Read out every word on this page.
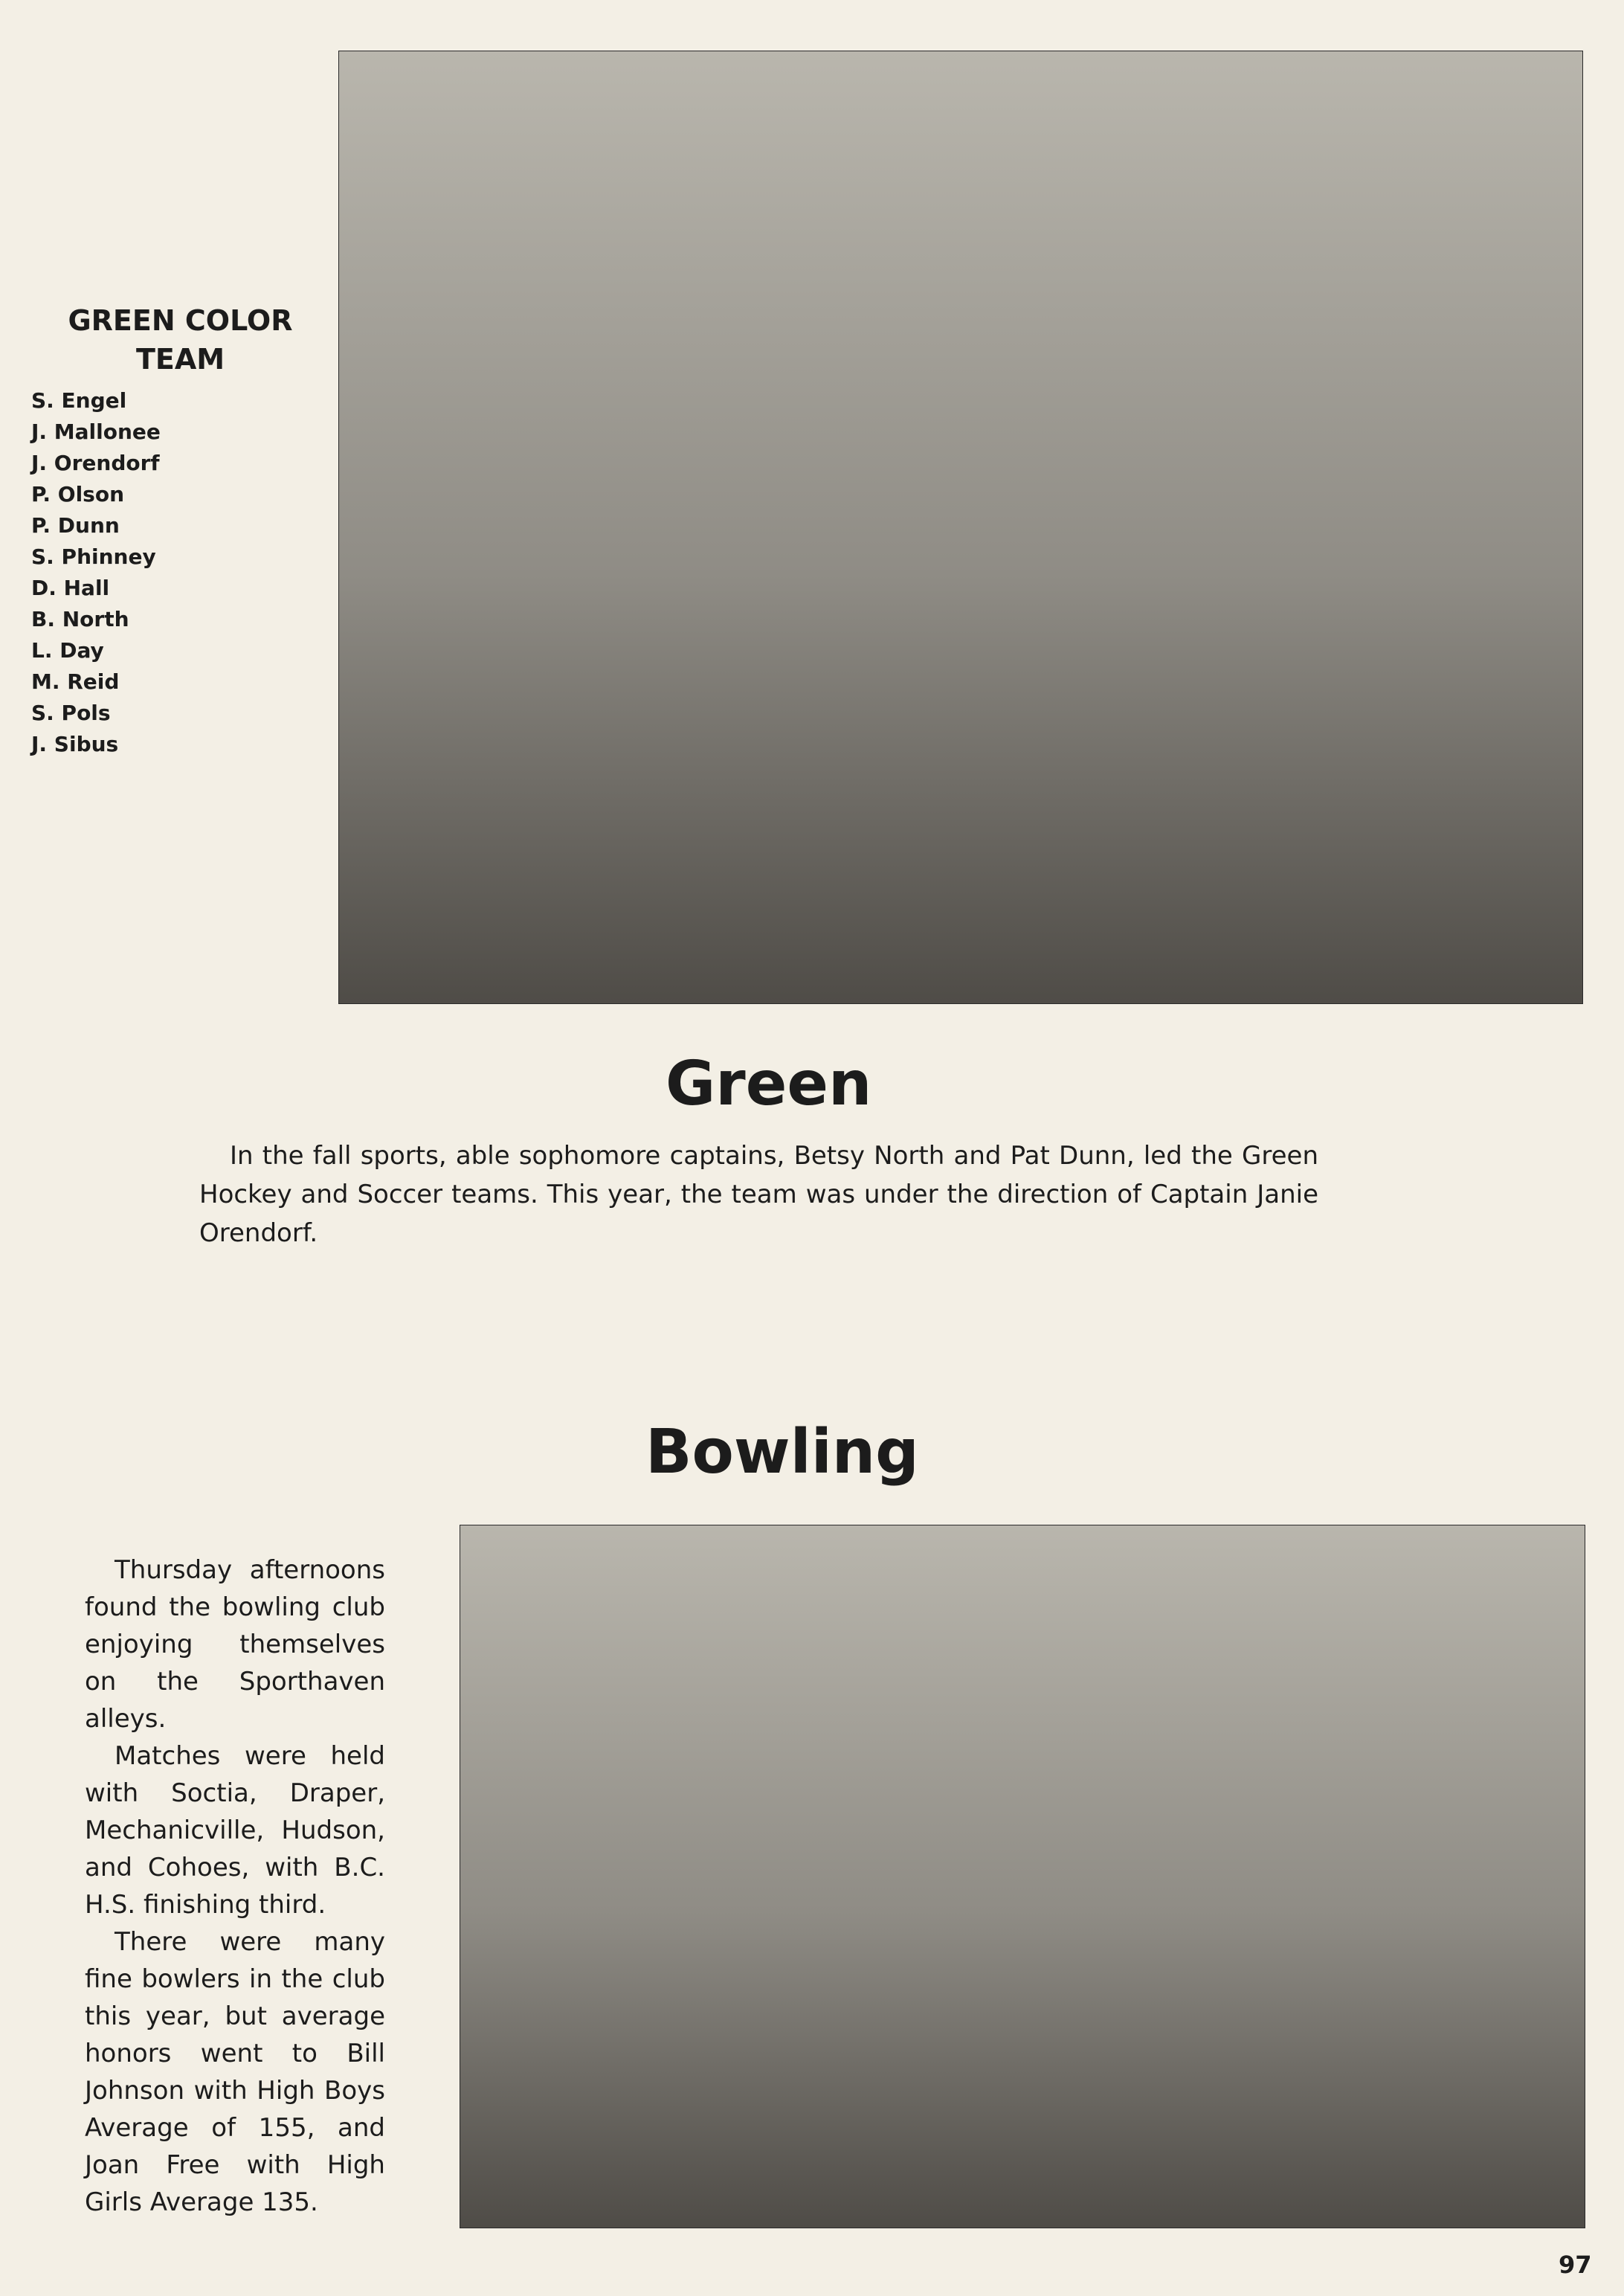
GREEN COLOR
TEAM
S. Engel
J. Mallonee
J. Orendorf
P. Olson
P. Dunn
S. Phinney
D. Hall
B. North
L. Day
M. Reid
S. Pols
J. Sibus
Green
In the fall sports, able sophomore captains, Betsy North and Pat Dunn, led the Green Hockey and Soccer teams. This year, the team was under the direction of Captain Janie Orendorf.
Bowling

Thursday afternoons found the bowling club enjoying themselves on the Sporthaven alleys.

Matches were held with Soctia, Draper, Mechanicville, Hudson, and Cohoes, with B.C. H.S. finishing third.

There were many fine bowlers in the club this year, but average honors went to Bill Johnson with High Boys Average of 155, and Joan Free with High Girls Average 135.

97
